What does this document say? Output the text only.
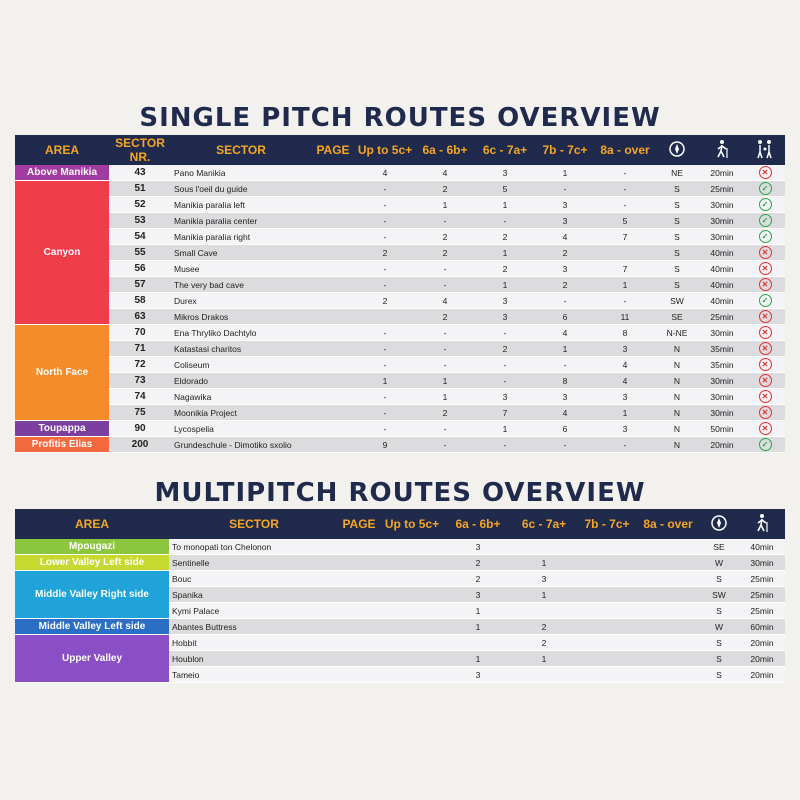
SINGLE PITCH ROUTES OVERVIEW
AREA	SECTOR NR.	SECTOR	PAGE	Up to 5c+	6a - 6b+	6c - 7a+	7b - 7c+	8a - over			
Above Manikia	43	Pano Manikia		4	4	3	1	-	NE	20min	✕
Canyon	51	Sous l'oeil du guide		-	2	5	-	-	S	25min	✓
	52	Manikia paralia left		-	1	1	3	-	S	30min	✓
	53	Manikia paralia center		-	-	-	3	5	S	30min	✓
	54	Manikia paralia right		-	2	2	4	7	S	30min	✓
	55	Small Cave		2	2	1	2		S	40min	✕
	56	Musee		-	-	2	3	7	S	40min	✕
	57	The very bad cave		-	-	1	2	1	S	40min	✕
	58	Durex		2	4	3	-	-	SW	40min	✓
	63	Mikros Drakos			2	3	6	11	SE	25min	✕
North Face	70	Ena Thryliko Dachtylo		-	-	-	4	8	N-NE	30min	✕
	71	Katastasi charitos		-	-	2	1	3	N	35min	✕
	72	Coliseum		-	-	-	-	4	N	35min	✕
	73	Eldorado		1	1	-	8	4	N	30min	✕
	74	Nagawika		-	1	3	3	3	N	30min	✕
	75	Moonikia Project		-	2	7	4	1	N	30min	✕
Toupappa	90	Lycospelia		-	-	1	6	3	N	50min	✕
Profitis Elias	200	Grundeschule - Dimotiko sxolio		9	-	-	-	-	N	20min	✓
MULTIPITCH ROUTES OVERVIEW
AREA	SECTOR	PAGE	Up to 5c+	6a - 6b+	6c - 7a+	7b - 7c+	8a - over		
Mpougazi	To monopati ton Chelonon			3				SE	40min
Lower Valley Left side	Sentinelle			2	1			W	30min
Middle Valley Right side	Bouc			2	3			S	25min
	Spanika			3	1			SW	25min
	Kymi Palace			1				S	25min
Middle Valley Left side	Abantes Buttress			1	2			W	60min
Upper Valley	Hobbit				2			S	20min
	Houblon			1	1			S	20min
	Tameio			3				S	20min
